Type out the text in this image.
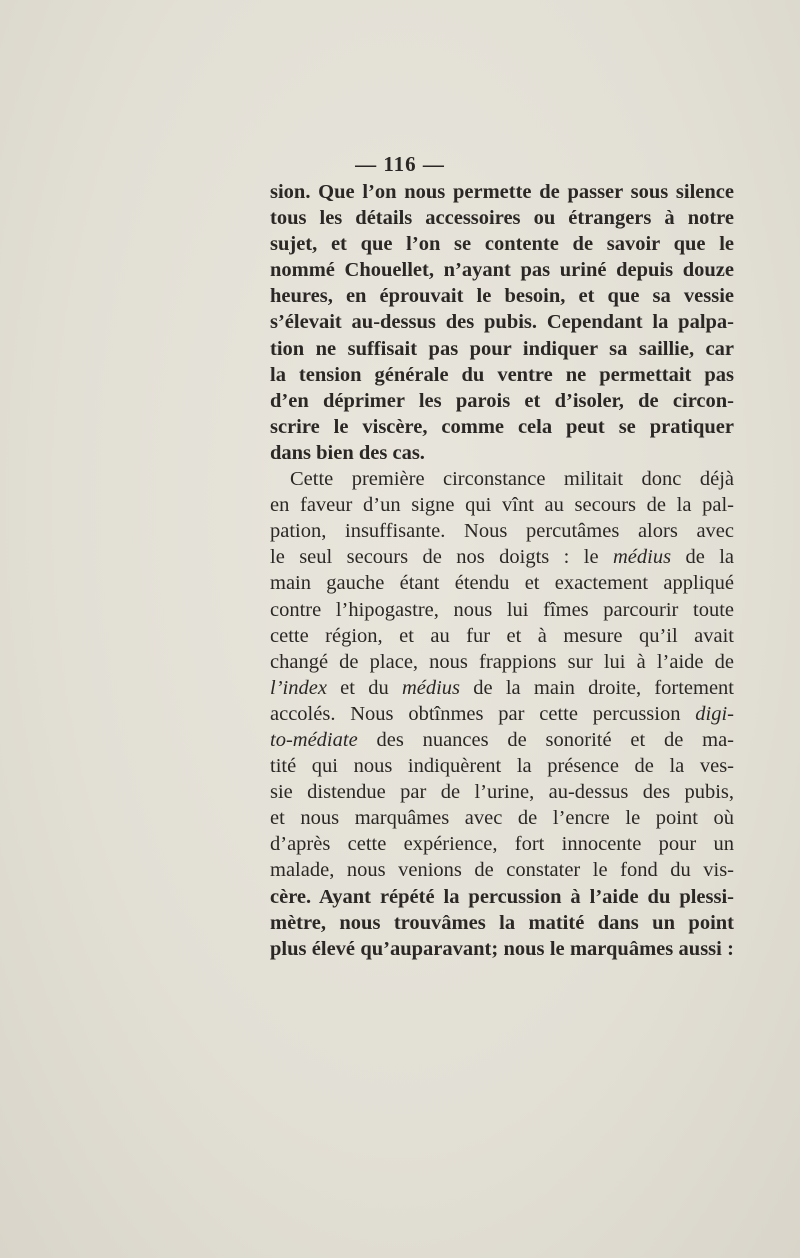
— 116 —
sion. Que l’on nous permette de passer sous silence
tous les détails accessoires ou étrangers à notre
sujet, et que l’on se contente de savoir que le
nommé Chouellet, n’ayant pas uriné depuis douze
heures, en éprouvait le besoin, et que sa vessie
s’élevait au-dessus des pubis. Cependant la palpa-
tion ne suffisait pas pour indiquer sa saillie, car
la tension générale du ventre ne permettait pas
d’en déprimer les parois et d’isoler, de circon-
scrire le viscère, comme cela peut se pratiquer
dans bien des cas.
Cette première circonstance militait donc déjà
en faveur d’un signe qui vînt au secours de la pal-
pation, insuffisante. Nous percutâmes alors avec
le seul secours de nos doigts : le médius de la
main gauche étant étendu et exactement appliqué
contre l’hipogastre, nous lui fîmes parcourir toute
cette région, et au fur et à mesure qu’il avait
changé de place, nous frappions sur lui à l’aide de
l’index et du médius de la main droite, fortement
accolés. Nous obtînmes par cette percussion digi-
to-médiate des nuances de sonorité et de ma-
tité qui nous indiquèrent la présence de la ves-
sie distendue par de l’urine, au-dessus des pubis,
et nous marquâmes avec de l’encre le point où
d’après cette expérience, fort innocente pour un
malade, nous venions de constater le fond du vis-
cère. Ayant répété la percussion à l’aide du plessi-
mètre, nous trouvâmes la matité dans un point
plus élevé qu’auparavant; nous le marquâmes aussi :
